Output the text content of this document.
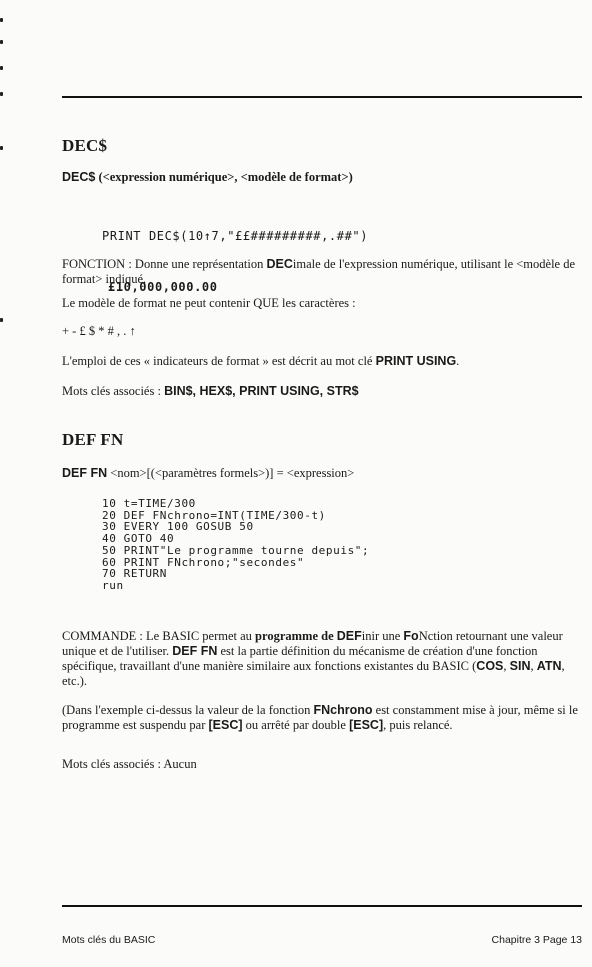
DEC$
DEC$ (<expression numérique>, <modèle de format>)

PRINT DEC$(10↑7,"££#########,.##")

£10,000,000.00

FONCTION : Donne une représentation DECimale de l'expression numérique, utilisant le <modèle de format> indiqué.
Le modèle de format ne peut contenir QUE les caractères :
+ - £ $ * # , . ↑
L'emploi de ces « indicateurs de format » est décrit au mot clé PRINT USING.
Mots clés associés : BIN$, HEX$, PRINT USING, STR$
DEF FN
DEF FN <nom>[(<paramètres formels>)] = <expression>
10 t=TIME/300
20 DEF FNchrono=INT(TIME/300-t)
30 EVERY 100 GOSUB 50
40 GOTO 40
50 PRINT"Le programme tourne depuis";
60 PRINT FNchrono;"secondes"
70 RETURN
run
COMMANDE : Le BASIC permet au programme de DEFinir une FoNction retournant une valeur unique et de l'utiliser. DEF FN est la partie définition du mécanisme de création d'une fonction spécifique, travaillant d'une manière similaire aux fonctions existantes du BASIC (COS, SIN, ATN, etc.).
(Dans l'exemple ci-dessus la valeur de la fonction FNchrono est constamment mise à jour, même si le programme est suspendu par [ESC] ou arrêté par double [ESC], puis relancé.
Mots clés associés : Aucun
Mots clés du BASIC	Chapitre 3 Page 13
